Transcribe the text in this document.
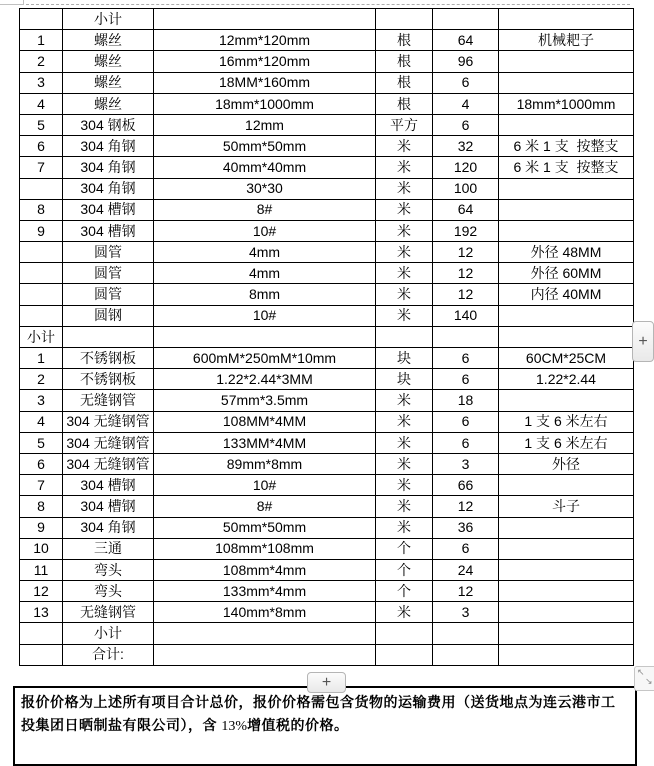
	小计				
1	螺丝	12mm*120mm	根	64	机械耙子
2	螺丝	16mm*120mm	根	96	
3	螺丝	18MM*160mm	根	6	
4	螺丝	18mm*1000mm	根	4	18mm*1000mm
5	304 钢板	12mm	平方	6	
6	304 角钢	50mm*50mm	米	32	6 米 1 支  按整支
7	304 角钢	40mm*40mm	米	120	6 米 1 支  按整支
	304 角钢	30*30	米	100	
8	304 槽钢	8#	米	64	
9	304 槽钢	10#	米	192	
	圆管	4mm	米	12	外径 48MM
	圆管	4mm	米	12	外径 60MM
	圆管	8mm	米	12	内径 40MM
	圆钢	10#	米	140	
小计					
1	不锈钢板	600mM*250mM*10mm	块	6	60CM*25CM
2	不锈钢板	1.22*2.44*3MM	块	6	1.22*2.44
3	无缝钢管	57mm*3.5mm	米	18	
4	304 无缝钢管	108MM*4MM	米	6	1 支 6 米左右
5	304 无缝钢管	133MM*4MM	米	6	1 支 6 米左右
6	304 无缝钢管	89mm*8mm	米	3	外径
7	304 槽钢	10#	米	66	
8	304 槽钢	8#	米	12	斗子
9	304 角钢	50mm*50mm	米	36	
10	三通	108mm*108mm	个	6	
11	弯头	108mm*4mm	个	24	
12	弯头	133mm*4mm	个	12	
13	无缝钢管	140mm*8mm	米	3	
	小计				
	合计:				
+
+
↖
↘
报价价格为上述所有项目合计总价，报价价格需包含货物的运输费用（送货地点为连云港市工投集团日晒制盐有限公司），含 13%增值税的价格。
